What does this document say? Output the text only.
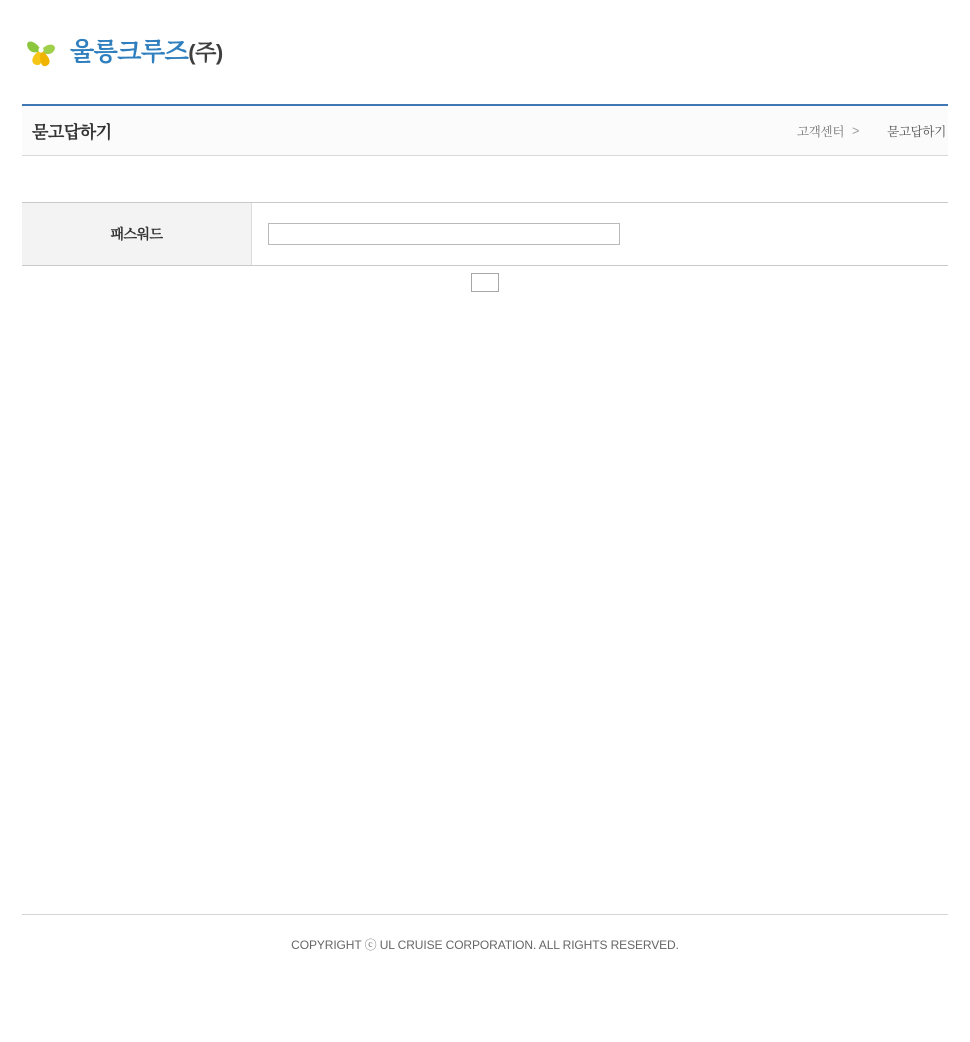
울릉크루즈(주)
묻고답하기	고객센터 >	묻고답하기
패스워드
COPYRIGHT ⓒ UL CRUISE CORPORATION. ALL RIGHTS RESERVED.
